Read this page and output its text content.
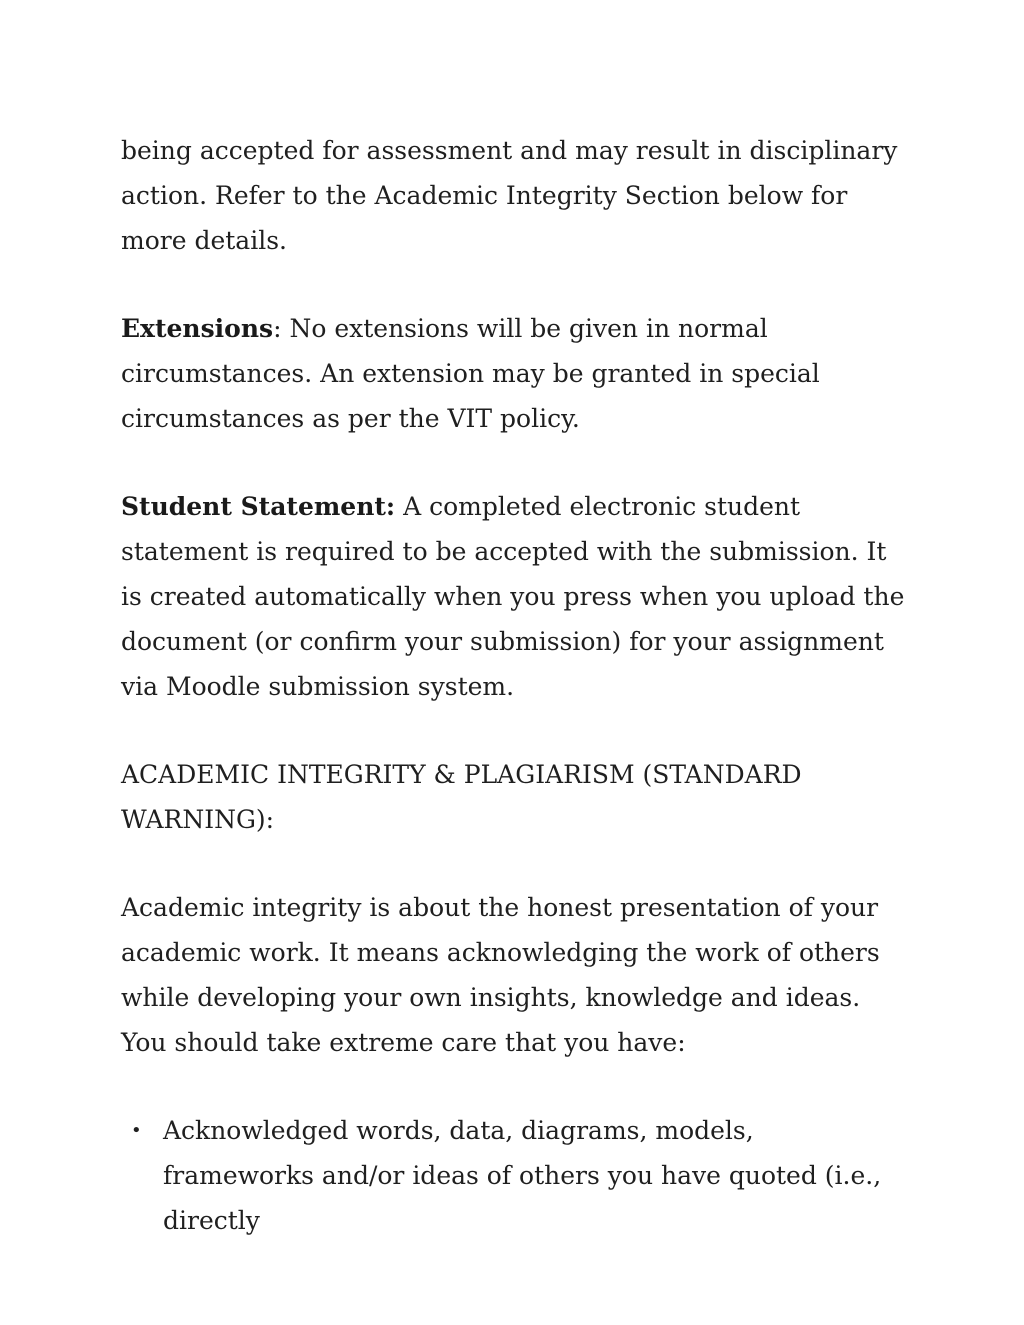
being accepted for assessment and may result in disciplinary action. Refer to the Academic Integrity Section below for more details.

Extensions: No extensions will be given in normal circumstances. An extension may be granted in special circumstances as per the VIT policy.

Student Statement: A completed electronic student statement is required to be accepted with the submission. It is created automatically when you press when you upload the document (or confirm your submission) for your assignment via Moodle submission system.

ACADEMIC INTEGRITY & PLAGIARISM (STANDARD WARNING):

Academic integrity is about the honest presentation of your academic work. It means acknowledging the work of others while developing your own insights, knowledge and ideas. You should take extreme care that you have:

• Acknowledged words, data, diagrams, models, frameworks and/or ideas of others you have quoted (i.e., directly
